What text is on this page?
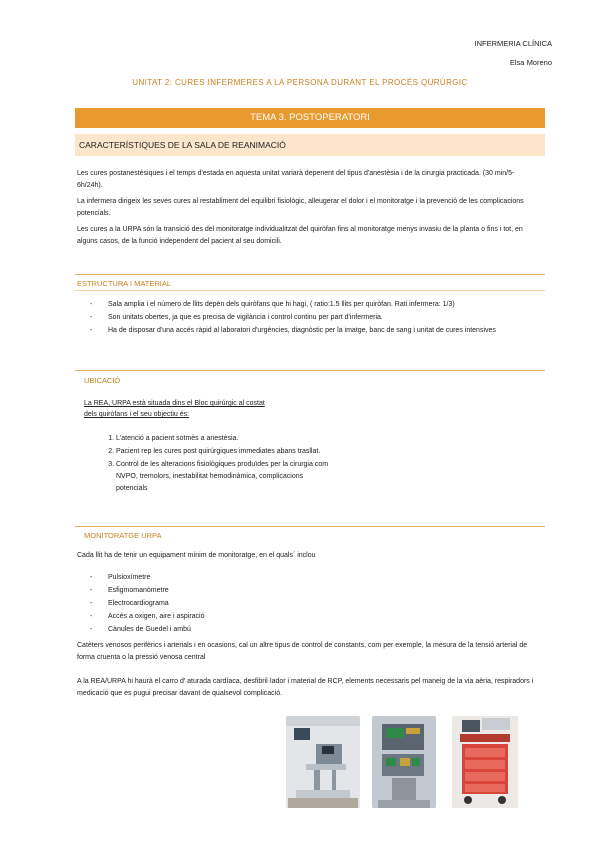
INFERMERIA CLÍNICA
Elsa Moreno
UNITAT 2: CURES INFERMERES A LA PERSONA DURANT EL PROCÉS QURÚRGIC
TEMA 3. POSTOPERATORI
CARACTERÍSTIQUES DE LA SALA DE REANIMACIÓ
Les cures postanestèsiques i el temps d'estada en aquesta unitat variarà depenent del tipus d'anestèsia i de la cirurgia practicada. (30 min/5- 6h/24h).
La infermera dirigeix les seves cures al restabliment del equilibri fisiològic, alleugerar el dolor i el monitoratge i la prevenció de les complicacions potencials.
Les cures a la URPA són la transició des del monitoratge individualitzat del quiròfan fins al monitoratge menys invasiu de la planta o fins i tot, en alguns casos, de la funció independent del pacient al seu domicili.
ESTRUCTURA I MATERIAL
- Sala amplia i el número de llits depèn dels quiròfans que hi hagi, ( ratio:1.5 llits per quiròfan. Rati infermera: 1/3)
- Son unitats obertes, ja que es precisa de vigilància i control continu per part d'infermeria.
- Ha de disposar d'una accés ràpid al laboratori d'urgències, diagnòstic per la imatge, banc de sang i unitat de cures intensives
UBICACIÓ
La REA, URPA està situada dins el Bloc quirúrgic al costat
dels quiròfans i el seu objectiu és:
1. L'atenció a pacient sotmès a anestèsia.
2. Pacient rep les cures post quirúrgiques immediates abans trasllat.
3. Control de les alteracions fisiològiques produïdes per la cirurgia com NVPO, tremolors, inestabilitat hemodinàmica, complicacions potencials
MONITORATGE URPA
Cada llit ha de tenir un equipament mínim de monitoratge, en el quals´ inclou
- Pulsioxímetre
- Esfigmomanòmetre
- Electrocardiograma
- Accés a oxigen, aire i aspiració
- Cànules de Guedel i ambú
Catèters venosos perifèrics i arterials i en ocasions, cal un altre tipus de control de constants, com per exemple, la mesura de la tensió arterial de forma cruenta o la pressió venosa central
A la REA/URPA hi haurà el carro d' aturada cardíaca, desfibril·lador i material de RCP, elements necessaris pel maneig de la via aèria, respiradors i medicació que es pugui precisar davant de qualsevol complicació.
